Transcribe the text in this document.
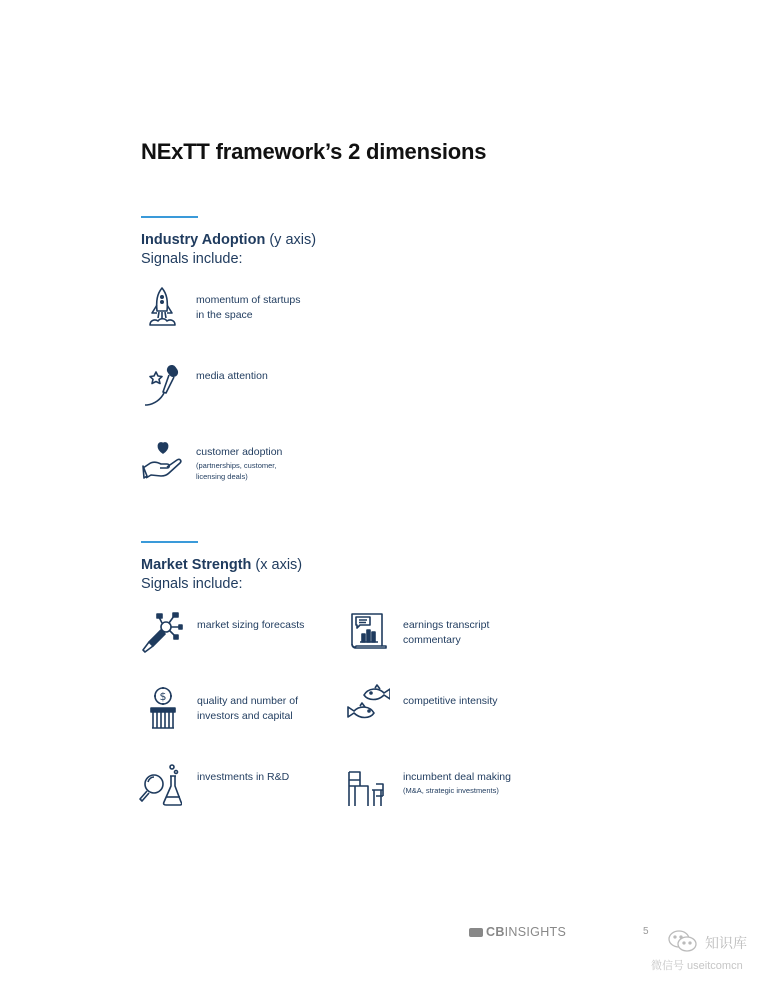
NExTT framework’s 2 dimensions
Industry Adoption (y axis)
Signals include:
momentum of startups
in the space
media attention
customer adoption
(partnerships, customer,
licensing deals)
Market Strength (x axis)
Signals include:
market sizing forecasts	earnings transcript
commentary
$	quality and number of
investors and capital
competitive intensity
investments in R&D	incumbent deal making
(M&A, strategic investments)
CBINSIGHTS	5
知识库
微信号 useitcomcn
